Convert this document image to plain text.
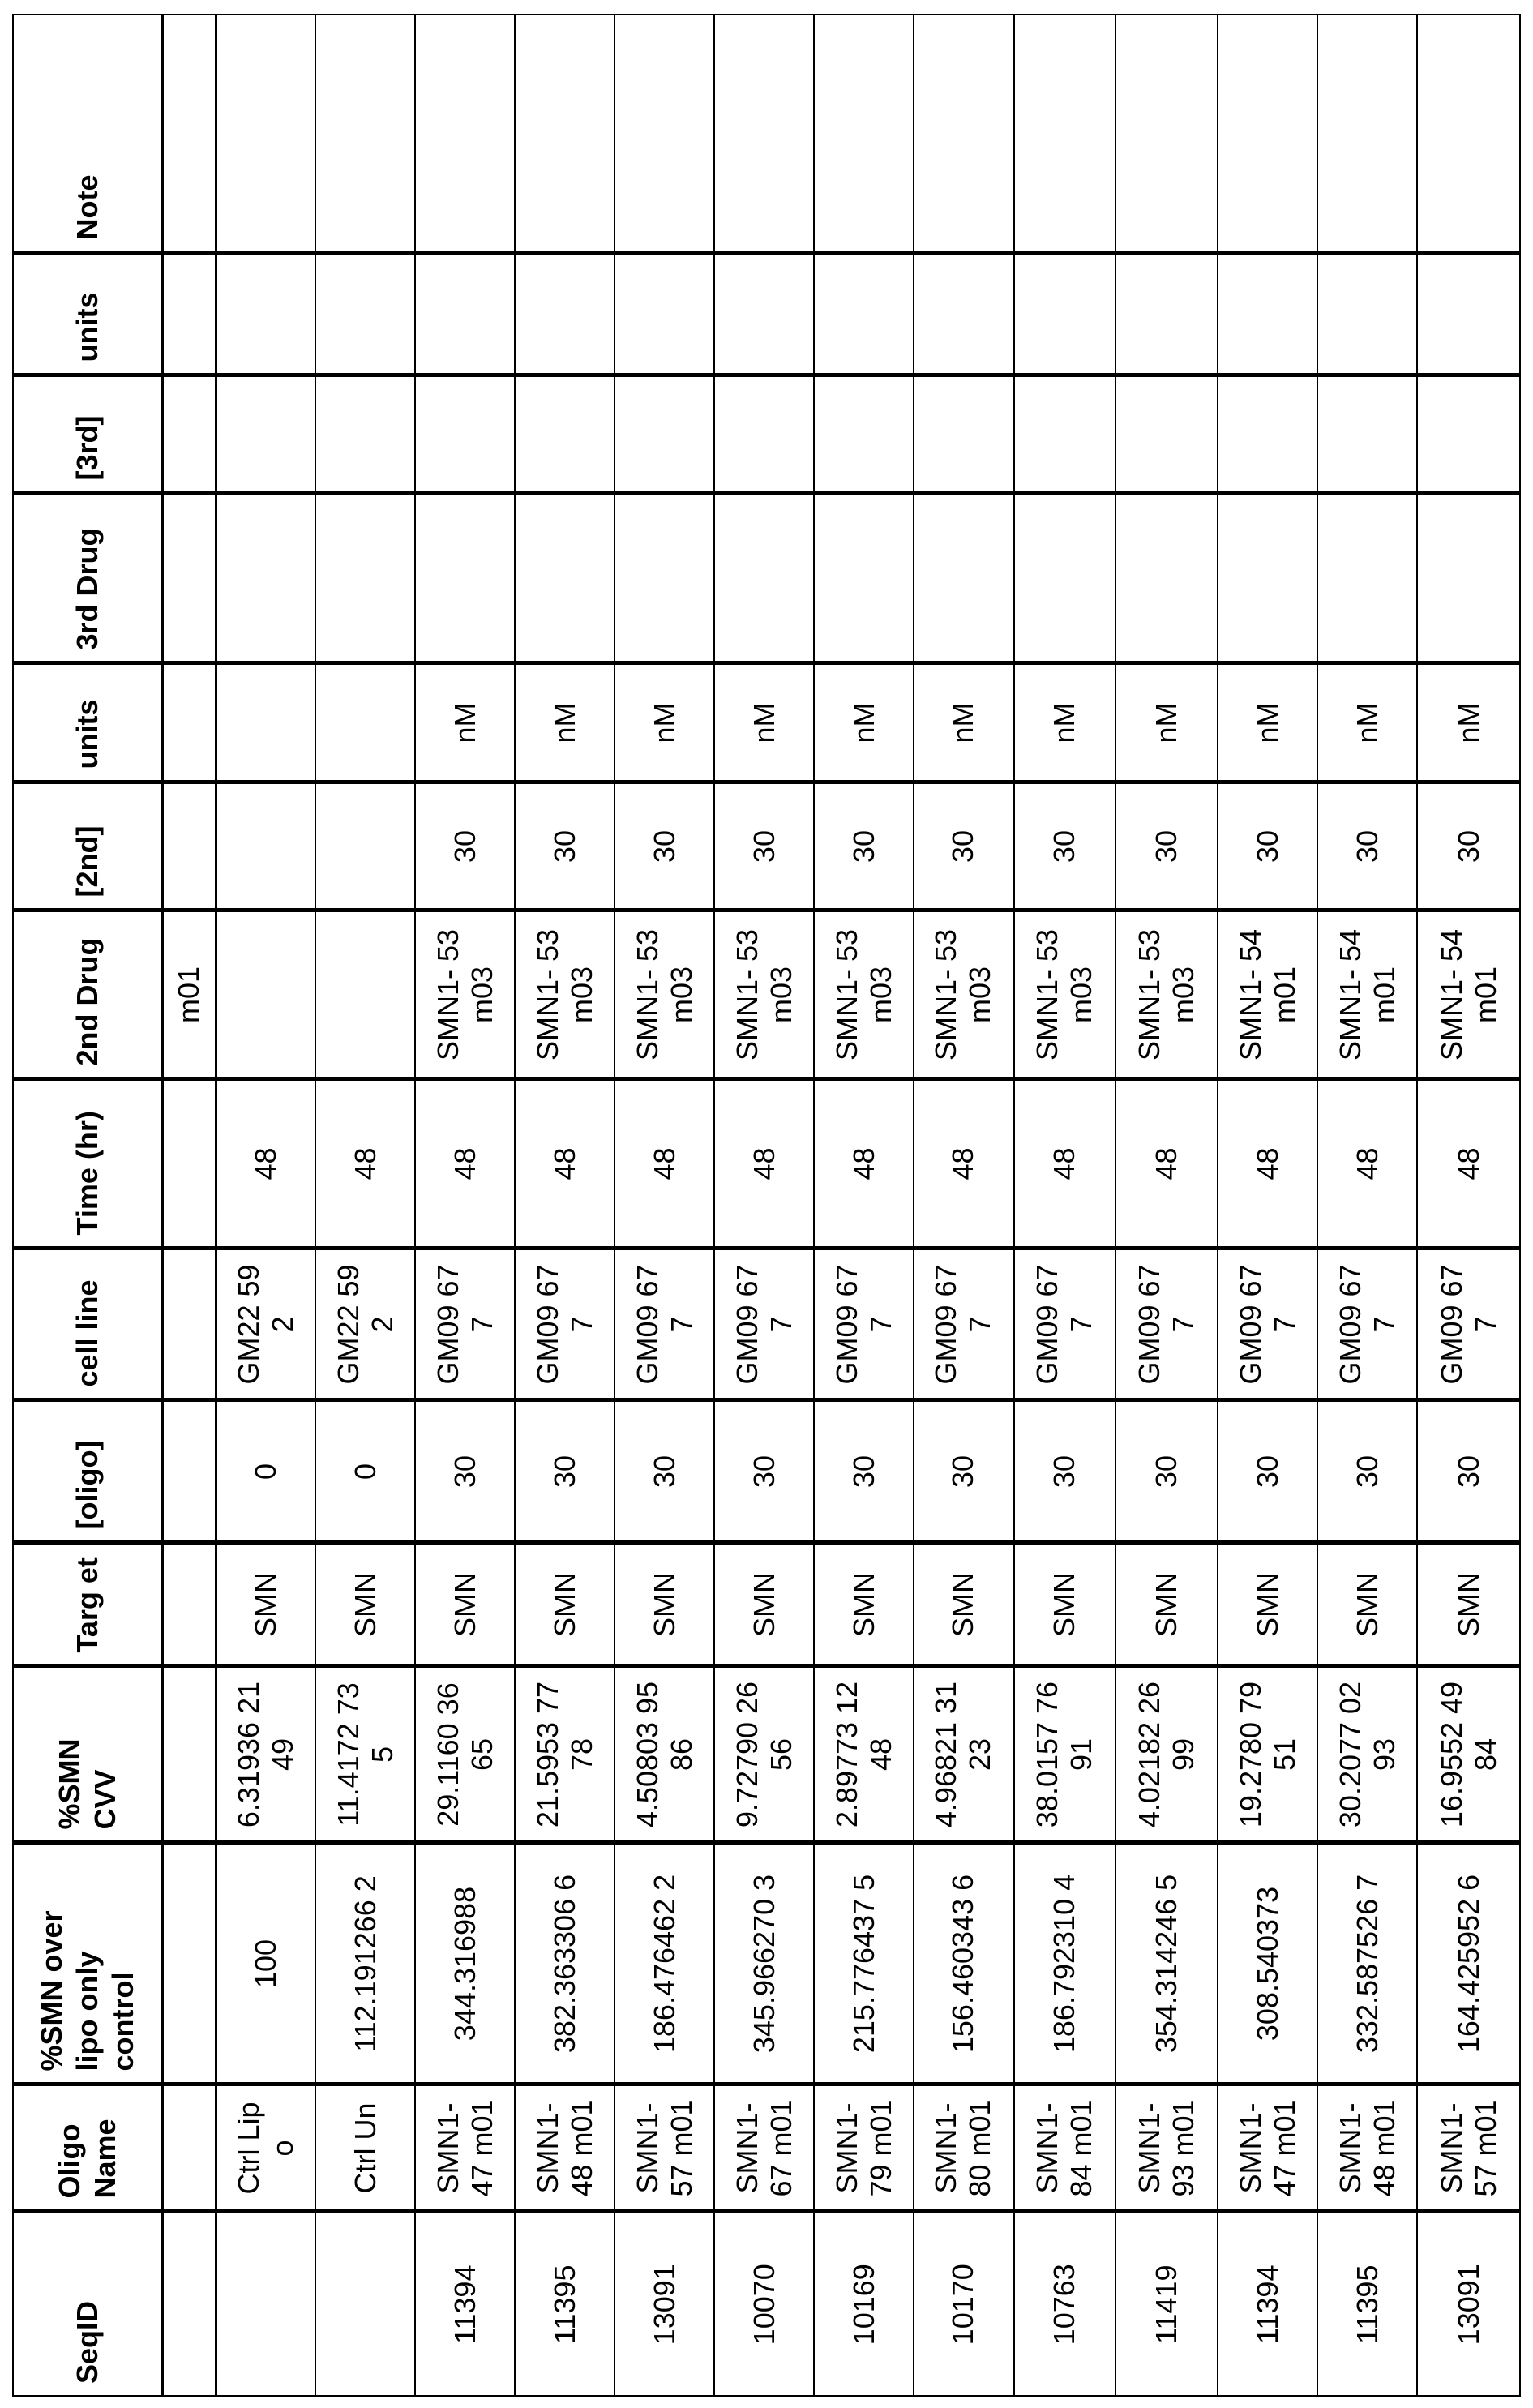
SeqID	Oligo Name	%SMN over lipo only control	%SMN CVV	Targ et	[oligo]	cell line	Time (hr)	2nd Drug	[2nd]	units	3rd Drug	[3rd]	units	Note
								m01						
	Ctrl Lipo	100	6.31936 2149	SMN	0	GM22 592	48							
	Ctrl Un	112.191266 2	11.4172 735	SMN	0	GM22 592	48							
11394	SMN1- 47 m01	344.316988	29.1160 3665	SMN	30	GM09 677	48	SMN1- 53 m03	30	nM				
11395	SMN1- 48 m01	382.363306 6	21.5953 7778	SMN	30	GM09 677	48	SMN1- 53 m03	30	nM				
13091	SMN1- 57 m01	186.476462 2	4.50803 9586	SMN	30	GM09 677	48	SMN1- 53 m03	30	nM				
10070	SMN1- 67 m01	345.966270 3	9.72790 2656	SMN	30	GM09 677	48	SMN1- 53 m03	30	nM				
10169	SMN1- 79 m01	215.776437 5	2.89773 1248	SMN	30	GM09 677	48	SMN1- 53 m03	30	nM				
10170	SMN1- 80 m01	156.460343 6	4.96821 3123	SMN	30	GM09 677	48	SMN1- 53 m03	30	nM				
10763	SMN1- 84 m01	186.792310 4	38.0157 7691	SMN	30	GM09 677	48	SMN1- 53 m03	30	nM				
11419	SMN1- 93 m01	354.314246 5	4.02182 2699	SMN	30	GM09 677	48	SMN1- 53 m03	30	nM				
11394	SMN1- 47 m01	308.540373	19.2780 7951	SMN	30	GM09 677	48	SMN1- 54 m01	30	nM				
11395	SMN1- 48 m01	332.587526 7	30.2077 0293	SMN	30	GM09 677	48	SMN1- 54 m01	30	nM				
13091	SMN1- 57 m01	164.425952 6	16.9552 4984	SMN	30	GM09 677	48	SMN1- 54 m01	30	nM				
